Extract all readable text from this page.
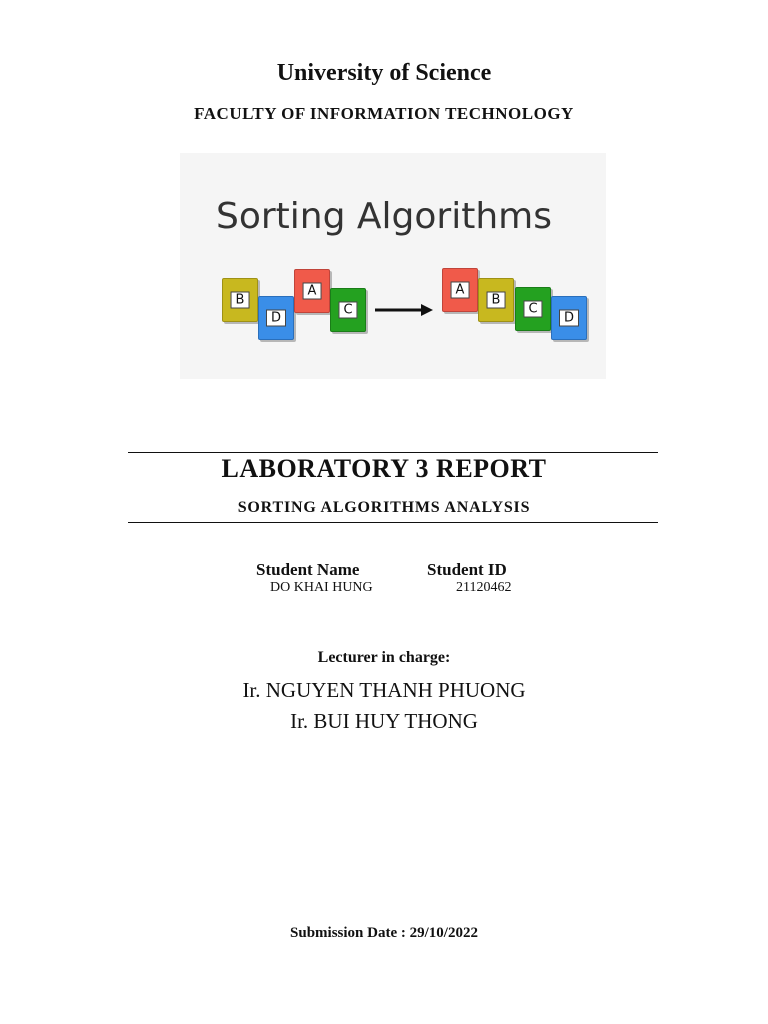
University of Science
FACULTY OF INFORMATION TECHNOLOGY
Sorting Algorithms
B
D
A
C
A
B
C
D
LABORATORY 3 REPORT
SORTING ALGORITHMS ANALYSIS
Student Name	Student ID
DO KHAI HUNG	21120462
Lecturer in charge:
Ir. NGUYEN THANH PHUONG
Ir. BUI HUY THONG
Submission Date : 29/10/2022
